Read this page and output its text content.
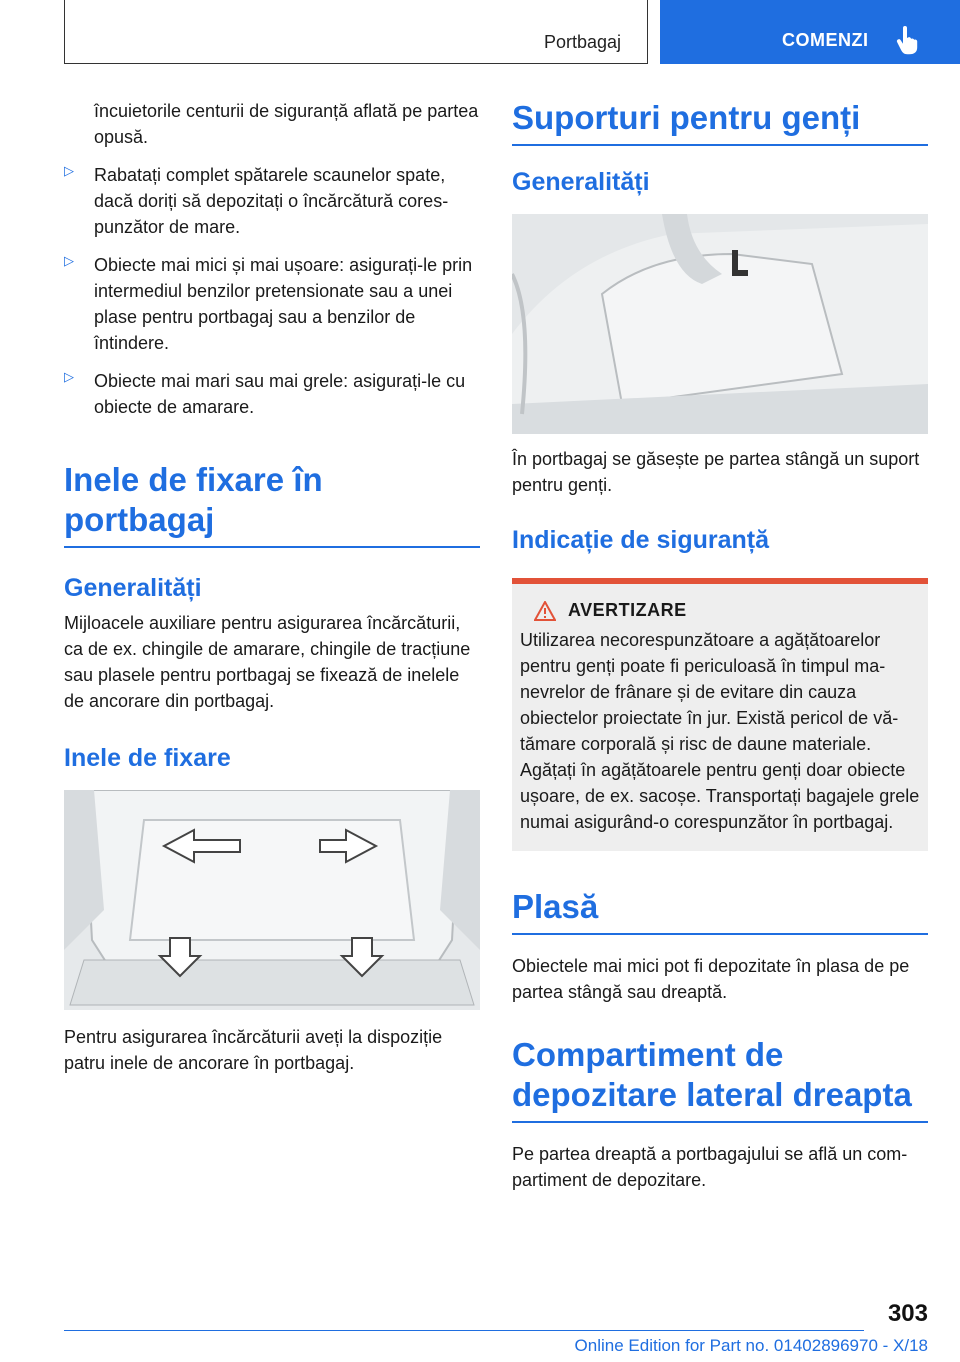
Portbagaj	COMENZI

încuietorile centurii de siguranță aflată pe partea opusă.

▷ Rabatați complet spătarele scaunelor spate, dacă doriți să depozitați o încărcătură corespunzător de mare.

▷ Obiecte mai mici și mai ușoare: asigurați-le prin intermediul benzilor pretensionate sau a unei plase pentru portbagaj sau a benzilor de întindere.

▷ Obiecte mai mari sau mai grele: asigurați-le cu obiecte de amarare.

Inele de fixare în portbagaj
Generalități

Mijloacele auxiliare pentru asigurarea încărcăturii, ca de ex. chingile de amarare, chingile de tracțiune sau plasele pentru portbagaj se fixează de inelele de ancorare din portbagaj.

Inele de fixare

Pentru asigurarea încărcăturii aveți la dispoziție patru inele de ancorare în portbagaj.

Suporturi pentru genți
Generalități

În portbagaj se găsește pe partea stângă un suport pentru genți.

Indicație de siguranță
AVERTIZARE

Utilizarea necorespunzătoare a agățătoarelor pentru genți poate fi periculoasă în timpul manevrelor de frânare și de evitare din cauza obiectelor proiectate în jur. Există pericol de vătămare corporală și risc de daune materiale. Agățați în agățătoarele pentru genți doar obiecte ușoare, de ex. sacoșe. Transportați bagajele grele numai asigurând-o corespunzător în portbagaj.

Plasă

Obiectele mai mici pot fi depozitate în plasa de pe partea stângă sau dreaptă.

Compartiment de depozitare lateral dreapta

Pe partea dreaptă a portbagajului se află un compartiment de depozitare.

303
Online Edition for Part no. 01402896970 - X/18
